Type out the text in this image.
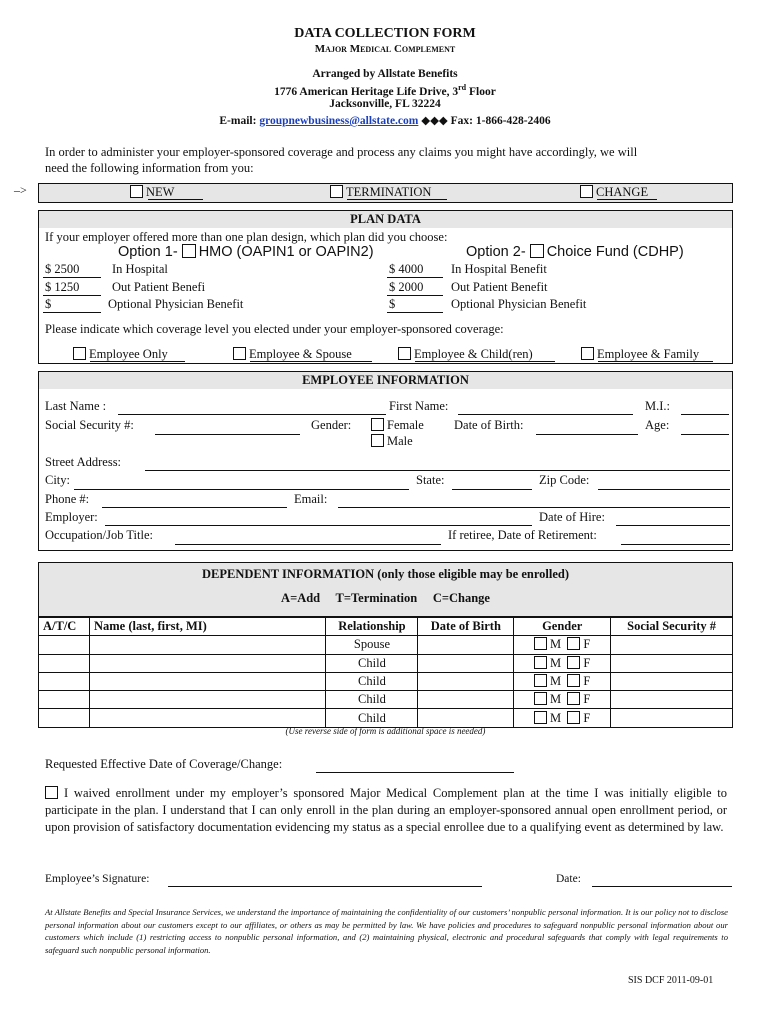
DATA COLLECTION FORM
Major Medical Complement
Arranged by Allstate Benefits
1776 American Heritage Life Drive, 3rd Floor
Jacksonville, FL 32224
E-mail: groupnewbusiness@allstate.com ◆◆◆ Fax: 1-866-428-2406
In order to administer your employer-sponsored coverage and process any claims you might have accordingly, we will
need the following information from you:
–>	NEW	TERMINATION	CHANGE
PLAN DATA
If your employer offered more than one plan design, which plan did you choose:
Option 1- HMO (OAPIN1 or OAPIN2)	Option 2- Choice Fund (CDHP)
$ 2500	In Hospital
$ 1250	Out Patient Benefi
$	Optional Physician Benefit
$ 4000 In Hospital Benefit
$ 2000 Out Patient Benefit
$	Optional Physician Benefit
Please indicate which coverage level you elected under your employer-sponsored coverage:
Employee Only	Employee & Spouse	Employee & Child(ren)	Employee & Family
EMPLOYEE INFORMATION
Last Name :	First Name:	M.I.:
Social Security #:	Gender:	Female
Male
Date of Birth:	Age:
Street Address:
City:	State:	Zip Code:
Phone #:	Email:
Employer:	Date of Hire:
Occupation/Job Title:	If retiree, Date of Retirement:
DEPENDENT INFORMATION (only those eligible may be enrolled)
A=Add     T=Termination     C=Change
A/T/C	Name (last, first, MI)	Relationship	Date of Birth	Gender	Social Security #
		Spouse		M F	
		Child		M F	
		Child		M F	
		Child		M F	
		Child		M F	
(Use reverse side of form is additional space is needed)
Requested Effective Date of Coverage/Change:
I waived enrollment under my employer’s sponsored Major Medical Complement plan at the time I was initially eligible to participate in the plan. I understand that I can only enroll in the plan during an employer-sponsored annual open enrollment period, or upon provision of satisfactory documentation evidencing my status as a special enrollee due to a qualifying event as determined by law.
Employee’s Signature:	Date:
At Allstate Benefits and Special Insurance Services, we understand the importance of maintaining the confidentiality of our customers’ nonpublic personal information. It is our policy not to disclose personal information about our customers except to our affiliates, or others as may be permitted by law. We have policies and procedures to safeguard nonpublic personal information about our customers which include (1) restricting access to nonpublic personal information, and (2) maintaining physical, electronic and procedural safeguards that comply with legal requirements to safeguard such nonpublic personal information.
SIS DCF 2011-09-01
